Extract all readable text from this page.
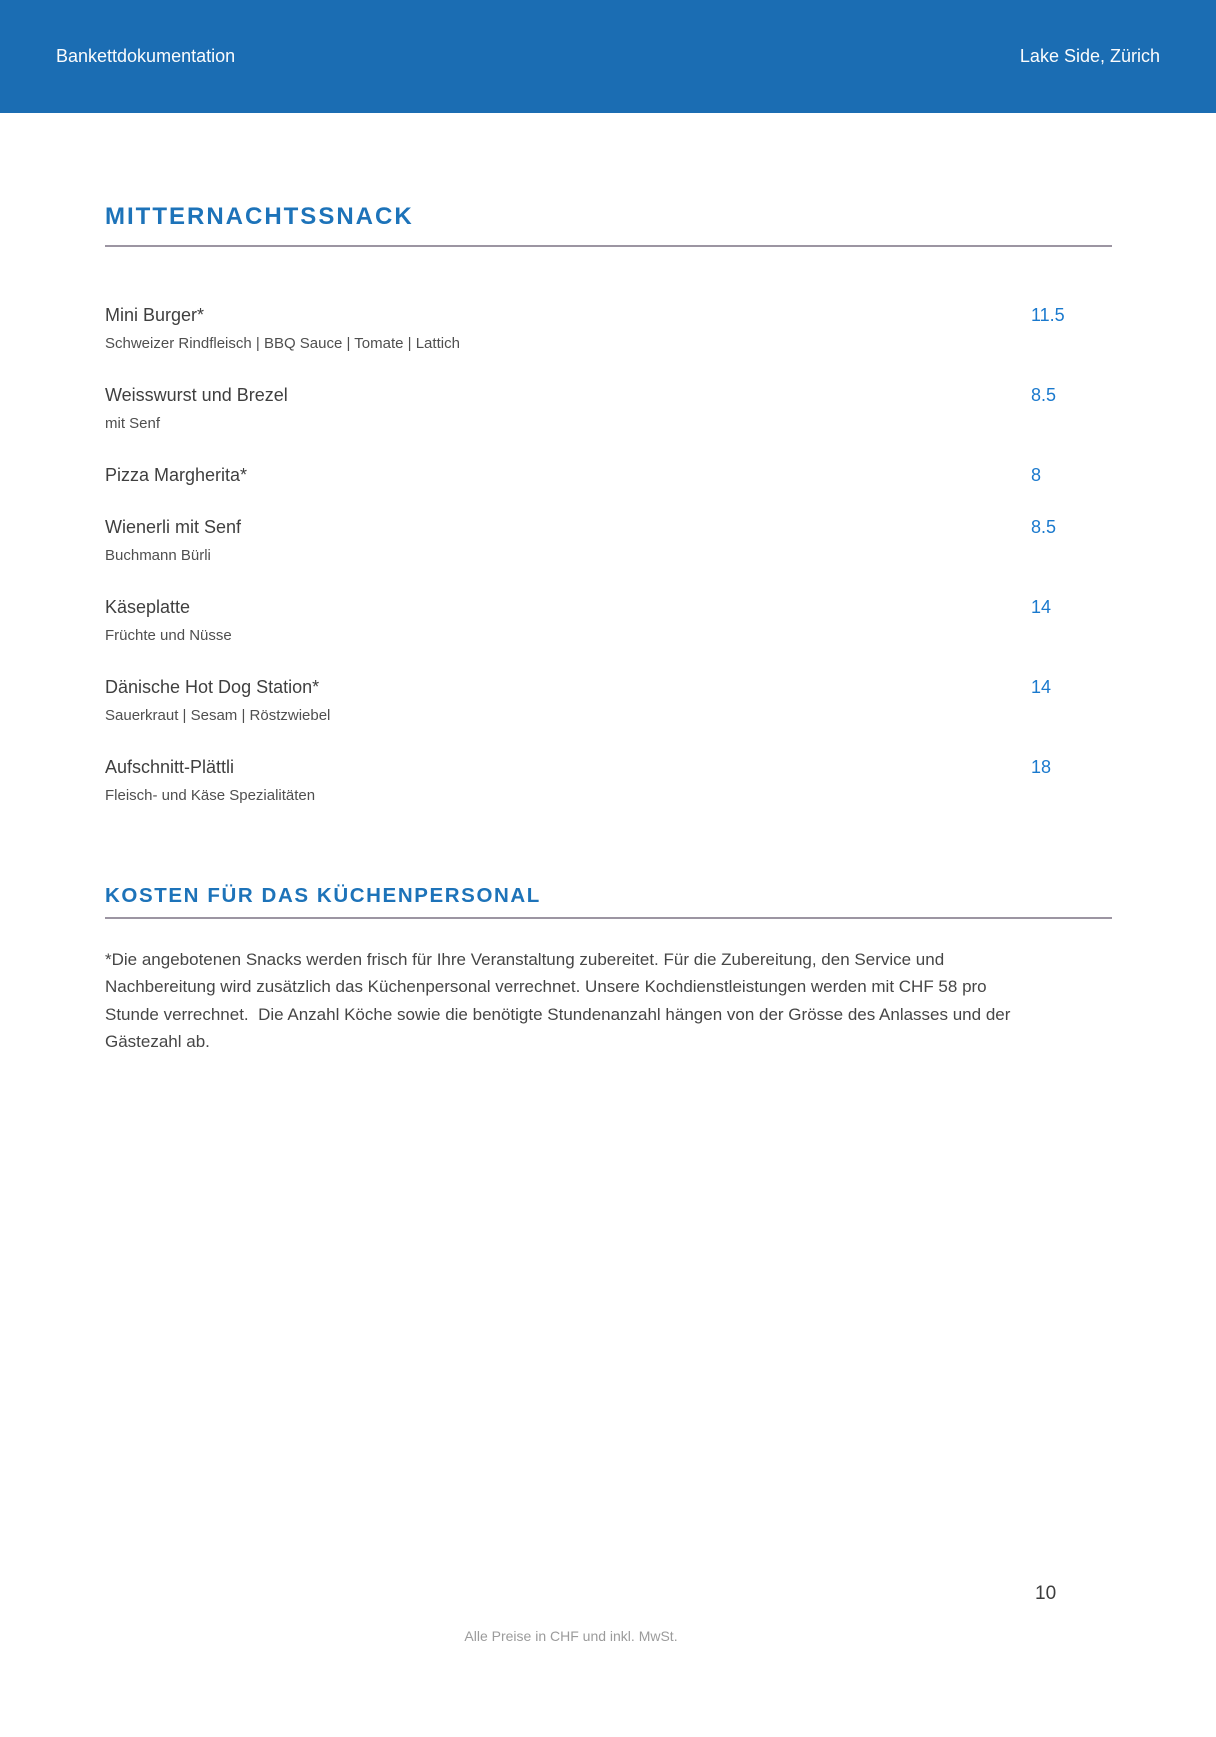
Bankettdokumentation	Lake Side, Zürich
MITTERNACHTSSNACK
Mini Burger*	11.5
Schweizer Rindfleisch | BBQ Sauce | Tomate | Lattich
Weisswurst und Brezel	8.5
mit Senf
Pizza Margherita*	8
Wienerli mit Senf	8.5
Buchmann Bürli
Käseplatte	14
Früchte und Nüsse
Dänische Hot Dog Station*	14
Sauerkraut | Sesam | Röstzwiebel
Aufschnitt-Plättli	18
Fleisch- und Käse Spezialitäten
KOSTEN FÜR DAS KÜCHENPERSONAL
*Die angebotenen Snacks werden frisch für Ihre Veranstaltung zubereitet. Für die Zubereitung, den Service und Nachbereitung wird zusätzlich das Küchenpersonal verrechnet. Unsere Kochdienstleistungen werden mit CHF 58 pro Stunde verrechnet.  Die Anzahl Köche sowie die benötigte Stundenanzahl hängen von der Grösse des Anlasses und der Gästezahl ab.
10
Alle Preise in CHF und inkl. MwSt.
